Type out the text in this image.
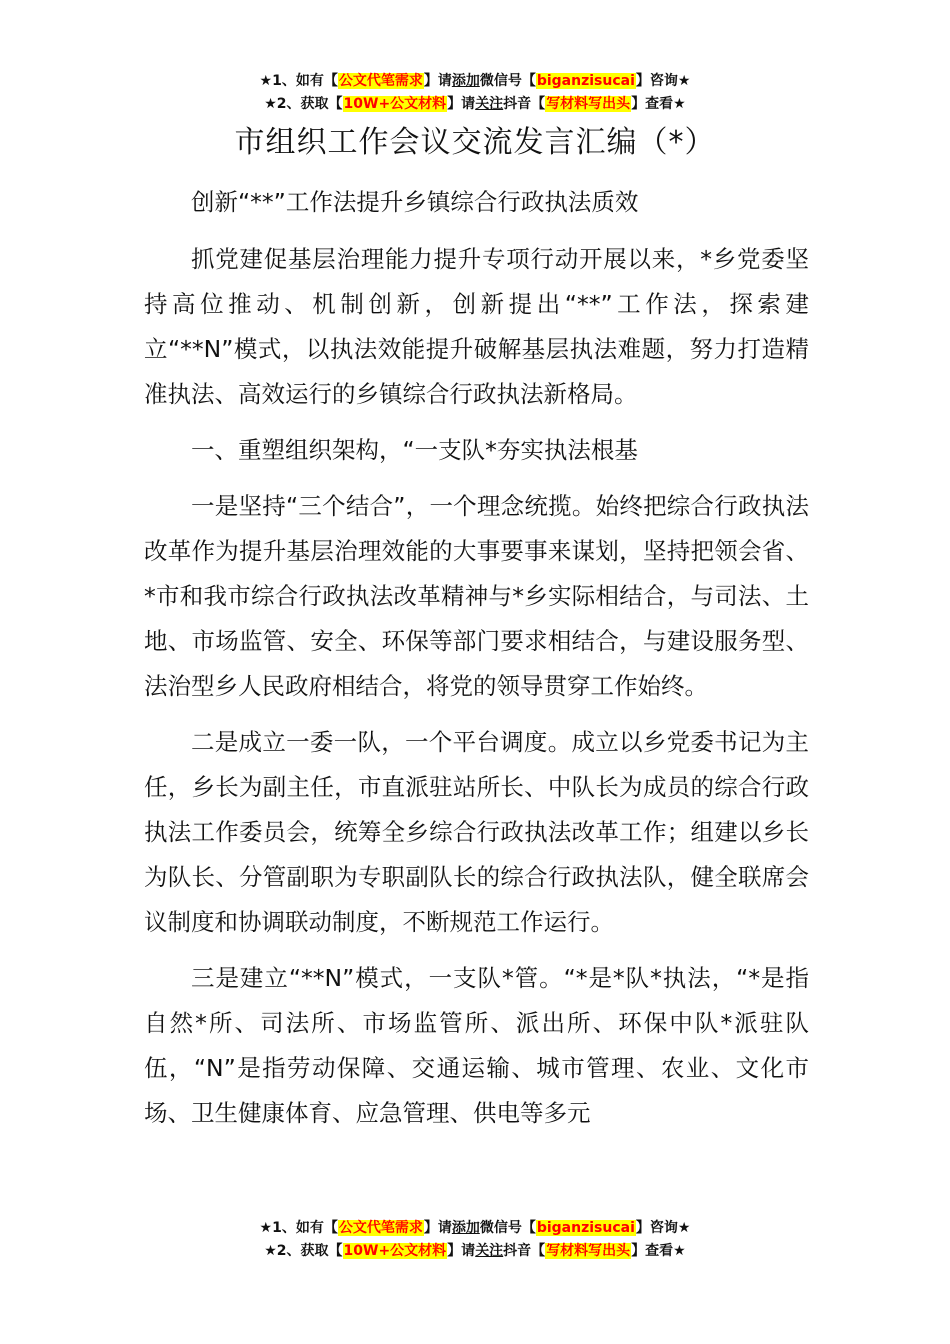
★1、如有【公文代笔需求】请添加微信号【biganzisucai】咨询★
★2、获取【10W+公文材料】请关注抖音【写材料写出头】查看★
市组织工作会议交流发言汇编（*）

创新“**”工作法提升乡镇综合行政执法质效

抓党建促基层治理能力提升专项行动开展以来，*乡党委坚持高位推动、机制创新，创新提出“**”工作法，探索建立“**N”模式，以执法效能提升破解基层执法难题，努力打造精准执法、高效运行的乡镇综合行政执法新格局。

一、重塑组织架构，“一支队*夯实执法根基

一是坚持“三个结合”，一个理念统揽。始终把综合行政执法改革作为提升基层治理效能的大事要事来谋划，坚持把领会省、*市和我市综合行政执法改革精神与*乡实际相结合，与司法、土地、市场监管、安全、环保等部门要求相结合，与建设服务型、法治型乡人民政府相结合，将党的领导贯穿工作始终。

二是成立一委一队，一个平台调度。成立以乡党委书记为主任，乡长为副主任，市直派驻站所长、中队长为成员的综合行政执法工作委员会，统筹全乡综合行政执法改革工作；组建以乡长为队长、分管副职为专职副队长的综合行政执法队，健全联席会议制度和协调联动制度，不断规范工作运行。

三是建立“**N”模式，一支队*管。“*是*队*执法，“*是指自然*所、司法所、市场监管所、派出所、环保中队*派驻队伍，“N”是指劳动保障、交通运输、城市管理、农业、文化市场、卫生健康体育、应急管理、供电等多元

★1、如有【公文代笔需求】请添加微信号【biganzisucai】咨询★
★2、获取【10W+公文材料】请关注抖音【写材料写出头】查看★
